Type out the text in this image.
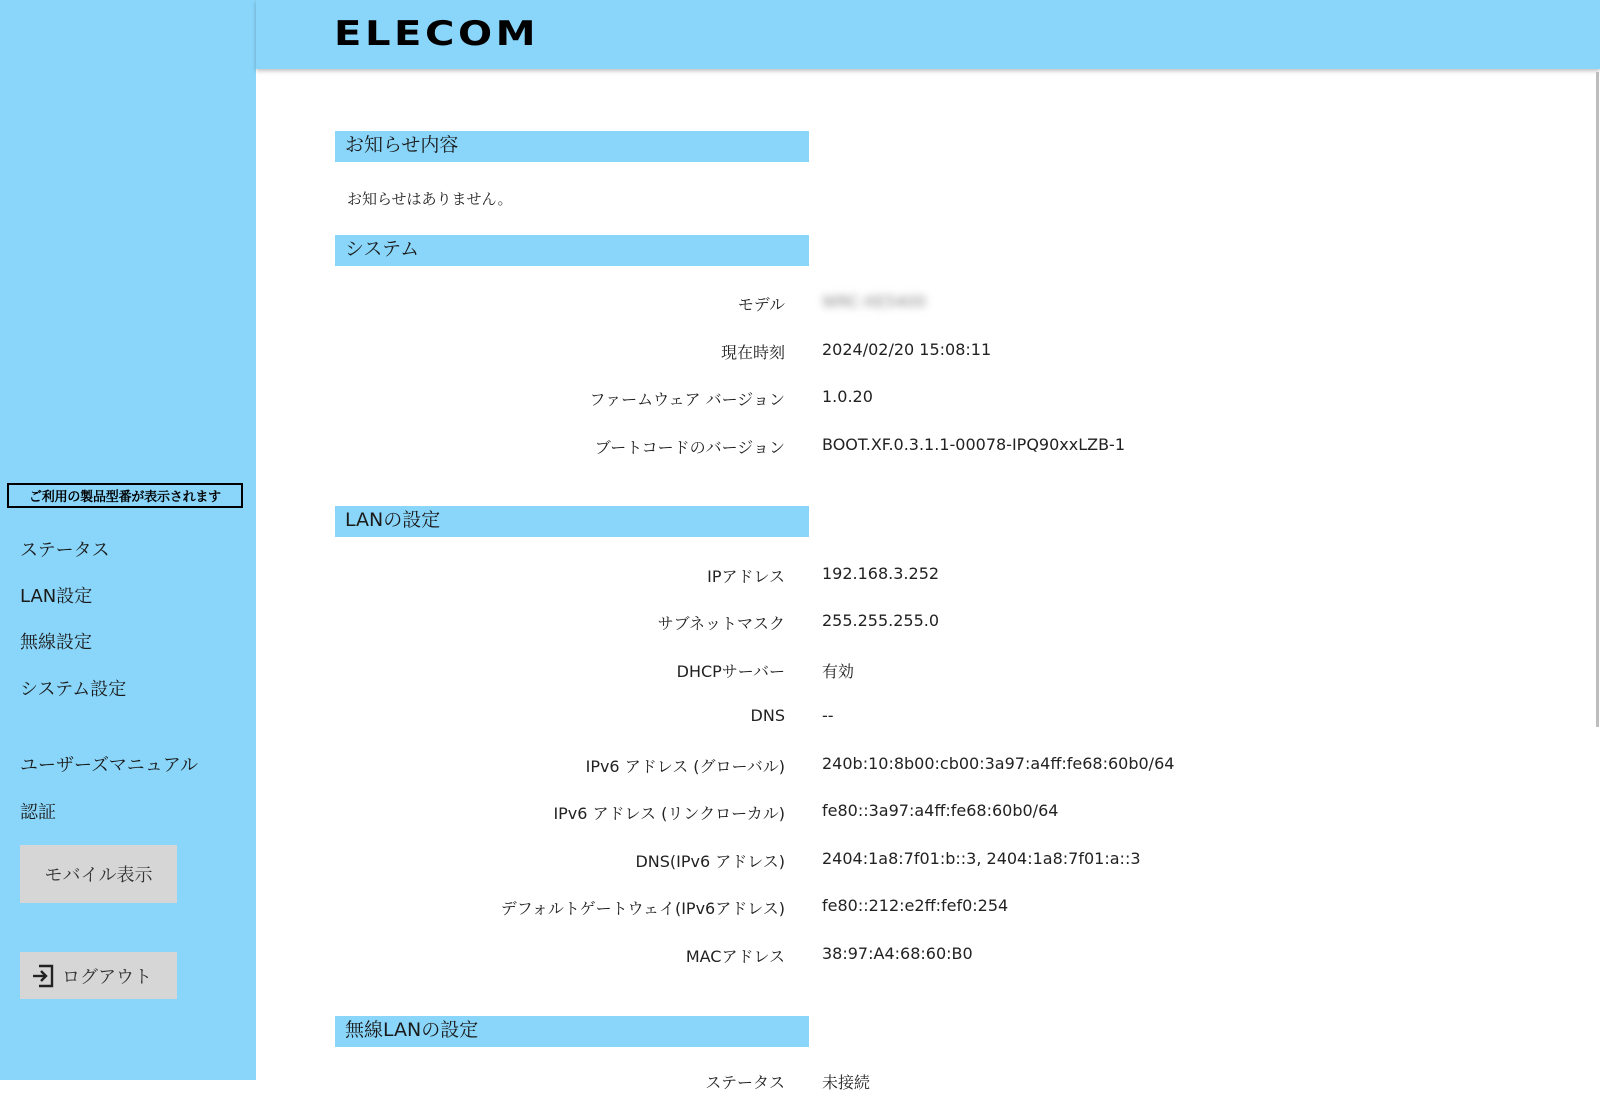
ご利用の製品型番が表示されます
ステータス
LAN設定
無線設定
システム設定
ユーザーズマニュアル
認証
モバイル表示
ログアウト
ELECOM
お知らせ内容
お知らせはありません。
システム
モデル WRC-XE5400
現在時刻 2024/02/20 15:08:11
ファームウェア バージョン 1.0.20
ブートコードのバージョン BOOT.XF.0.3.1.1-00078-IPQ90xxLZB-1
LANの設定
IPアドレス 192.168.3.252
サブネットマスク 255.255.255.0
DHCPサーバー 有効
DNS --
IPv6 アドレス (グローバル) 240b:10:8b00:cb00:3a97:a4ff:fe68:60b0/64
IPv6 アドレス (リンクローカル) fe80::3a97:a4ff:fe68:60b0/64
DNS(IPv6 アドレス) 2404:1a8:7f01:b::3, 2404:1a8:7f01:a::3
デフォルトゲートウェイ(IPv6アドレス) fe80::212:e2ff:fef0:254
MACアドレス 38:97:A4:68:60:B0
無線LANの設定
ステータス 未接続
